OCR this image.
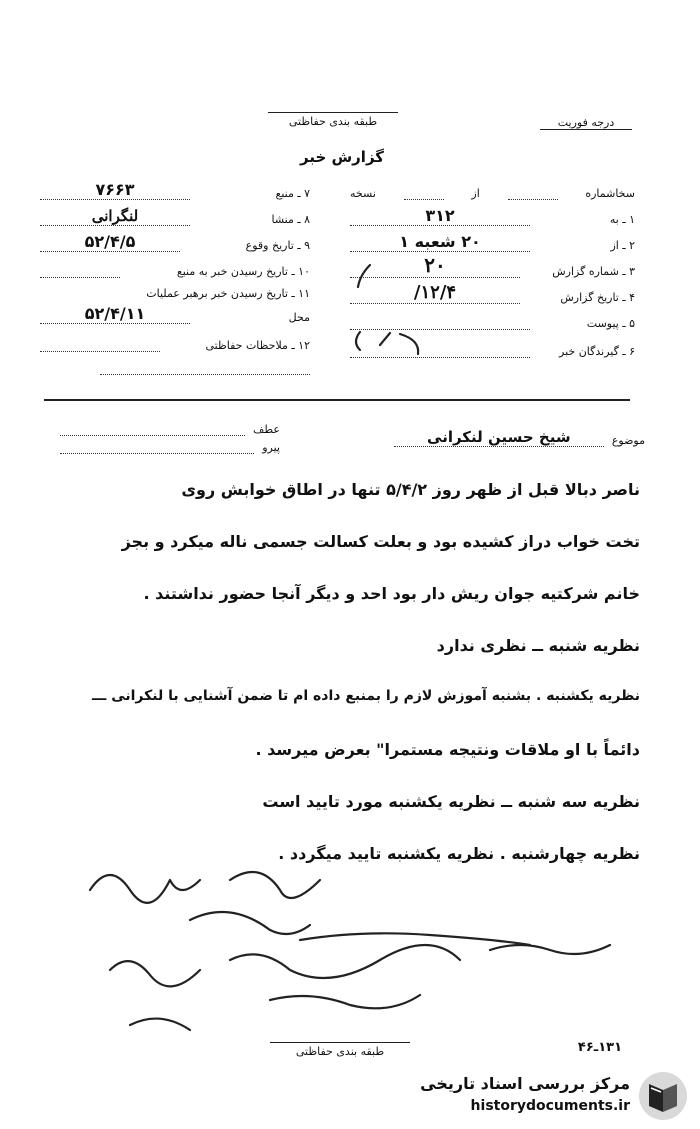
درجه فوریت
طبقه بندی حفاظتی
گزارش خبر
۷ ـ منبع
۷۶۶۳
۸ ـ منشا
لنگرانی
۹ ـ تاریخ وقوع
۵۲/۴/۵
۱۰ ـ تاریخ رسیدن خبر به منبع
۱۱ ـ تاریخ رسیدن خبر برهبر عملیات
محل
۵۲/۴/۱۱
۱۲ ـ ملاحظات حفاظتی
سخاشماره
از
نسخه
۱ ـ به
۳۱۲
۲ ـ از
۲۰ شعبه ۱
۳ ـ شماره گزارش
۲۰
۴ ـ تاریخ گزارش
۱۲/۴/
۵ ـ پیوست
۶ ـ گیرندگان خبر
موضوع
شیخ حسین لنکرانی
عطف
پیرو
ناصر دبالا قبل از ظهر روز ۵/۴/۲ تنها در اطاق خوابش روی
تخت خواب دراز کشیده بود و بعلت کسالت جسمی ناله میکرد و بجز
خانم شرکتیه جوان ریش دار بود احد و دیگر آنجا حضور نداشتند .
نظریه شنبه ــ نظری ندارد
نظریه یکشنبه . بشنبه آموزش لازم را بمنبع داده ام تا ضمن آشنایی با لنکرانی ـــ
دائماً با او ملاقات ونتیجه مستمرا" بعرض میرسد .
نظریه سه شنبه ــ نظریه یکشنبه مورد تایید است
نظریه چهارشنبه . نظریه یکشنبه تایید میگردد .
طبقه بندی حفاظتی	۱۳۱ـ۴۶
مرکز بررسی اسناد تاریخی
historydocuments.ir
